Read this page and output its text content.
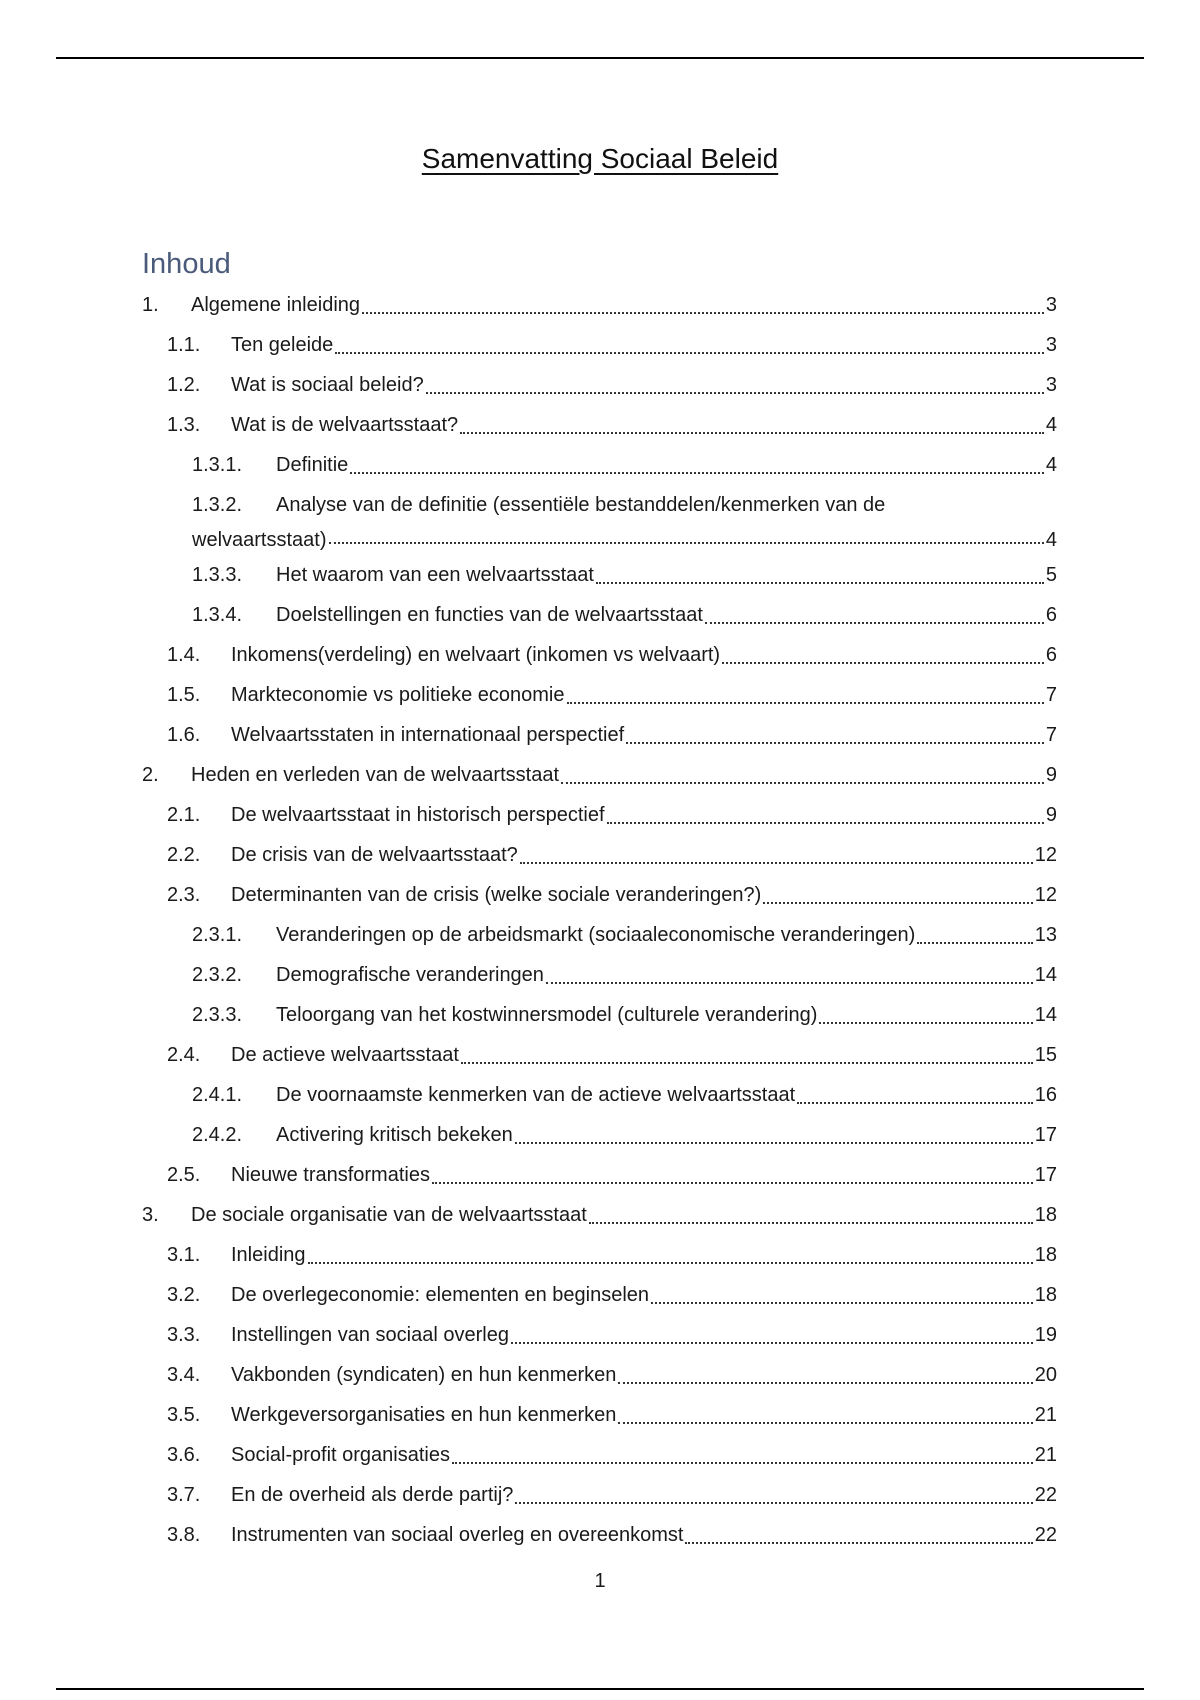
Samenvatting Sociaal Beleid
Inhoud
1.	Algemene inleiding	3
1.1.	Ten geleide	3
1.2.	Wat is sociaal beleid?	3
1.3.	Wat is de welvaartsstaat?	4
1.3.1.	Definitie	4
1.3.2.	Analyse van de definitie (essentiële bestanddelen/kenmerken van de
welvaartsstaat)	4
1.3.3.	Het waarom van een welvaartsstaat	5
1.3.4.	Doelstellingen en functies van de welvaartsstaat	6
1.4.	Inkomens(verdeling) en welvaart (inkomen vs welvaart)	6
1.5.	Markteconomie vs politieke economie	7
1.6.	Welvaartsstaten in internationaal perspectief	7
2.	Heden en verleden van de welvaartsstaat	9
2.1.	De welvaartsstaat in historisch perspectief	9
2.2.	De crisis van de welvaartsstaat?	12
2.3.	Determinanten van de crisis (welke sociale veranderingen?)	12
2.3.1.	Veranderingen op de arbeidsmarkt (sociaaleconomische veranderingen)	13
2.3.2.	Demografische veranderingen	14
2.3.3.	Teloorgang van het kostwinnersmodel (culturele verandering)	14
2.4.	De actieve welvaartsstaat	15
2.4.1.	De voornaamste kenmerken van de actieve welvaartsstaat	16
2.4.2.	Activering kritisch bekeken	17
2.5.	Nieuwe transformaties	17
3.	De sociale organisatie van de welvaartsstaat	18
3.1.	Inleiding	18
3.2.	De overlegeconomie: elementen en beginselen	18
3.3.	Instellingen van sociaal overleg	19
3.4.	Vakbonden (syndicaten) en hun kenmerken	20
3.5.	Werkgeversorganisaties en hun kenmerken	21
3.6.	Social-profit organisaties	21
3.7.	En de overheid als derde partij?	22
3.8.	Instrumenten van sociaal overleg en overeenkomst	22
1
